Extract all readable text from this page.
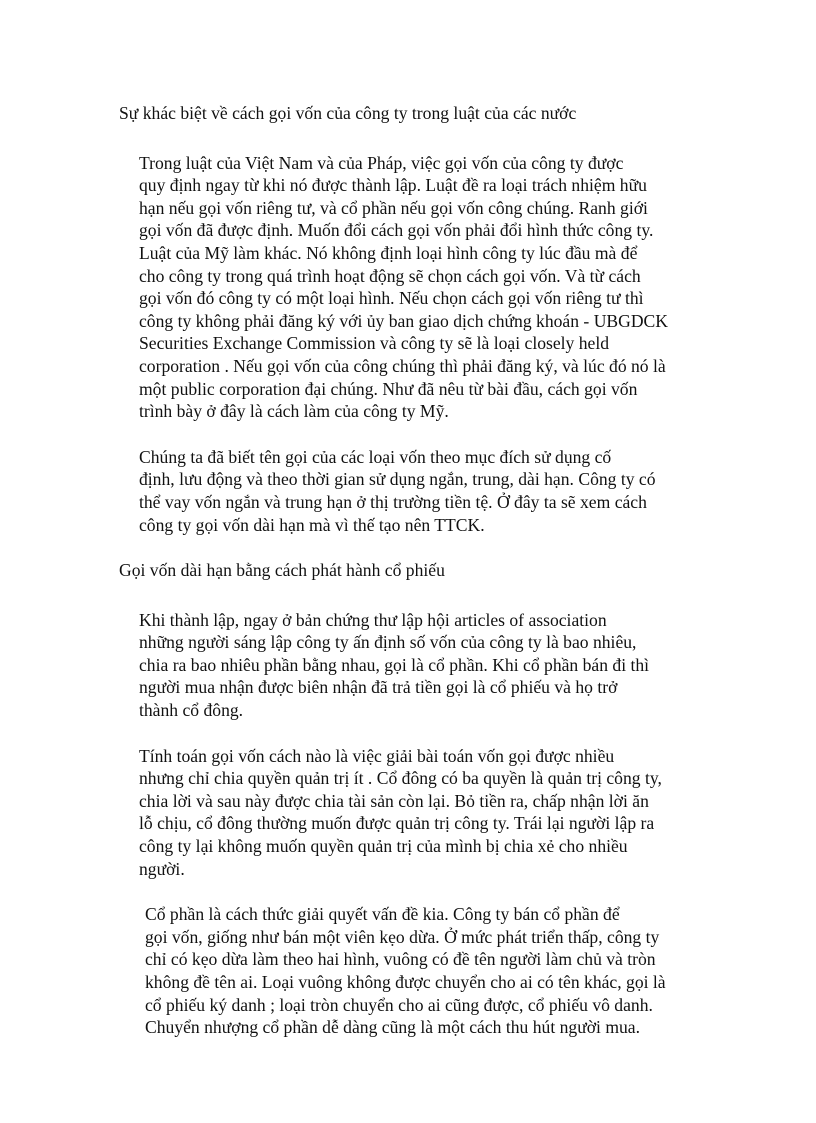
Sự khác biệt về cách gọi vốn của công ty trong luật của các nước
Trong luật của Việt Nam và của Pháp, việc gọi vốn của công ty được
quy định ngay từ khi nó được thành lập. Luật đề ra loại trách nhiệm hữu
hạn nếu gọi vốn riêng tư, và cổ phần nếu gọi vốn công chúng. Ranh giới
gọi vốn đã được định. Muốn đổi cách gọi vốn phải đổi hình thức công ty.
Luật của Mỹ làm khác. Nó không định loại hình công ty lúc đầu mà để
cho công ty trong quá trình hoạt động sẽ chọn cách gọi vốn. Và từ cách
gọi vốn đó công ty có một loại hình. Nếu chọn cách gọi vốn riêng tư thì
công ty không phải đăng ký với ủy ban giao dịch chứng khoán - UBGDCK
Securities Exchange Commission và công ty sẽ là loại closely held
corporation . Nếu gọi vốn của công chúng thì phải đăng ký, và lúc đó nó là
một public corporation đại chúng. Như đã nêu từ bài đầu, cách gọi vốn
trình bày ở đây là cách làm của công ty Mỹ.
Chúng ta đã biết tên gọi của các loại vốn theo mục đích sử dụng cố
định, lưu động và theo thời gian sử dụng ngắn, trung, dài hạn. Công ty có
thể vay vốn ngắn và trung hạn ở thị trường tiền tệ. Ở đây ta sẽ xem cách
công ty gọi vốn dài hạn mà vì thế tạo nên TTCK.
Gọi vốn dài hạn bằng cách phát hành cổ phiếu
Khi thành lập, ngay ở bản chứng thư lập hội articles of association
những người sáng lập công ty ấn định số vốn của công ty là bao nhiêu,
chia ra bao nhiêu phần bằng nhau, gọi là cổ phần. Khi cổ phần bán đi thì
người mua nhận được biên nhận đã trả tiền gọi là cổ phiếu và họ trở
thành cổ đông.
Tính toán gọi vốn cách nào là việc giải bài toán vốn gọi được nhiều
nhưng chỉ chia quyền quản trị ít . Cổ đông có ba quyền là quản trị công ty,
chia lời và sau này được chia tài sản còn lại. Bỏ tiền ra, chấp nhận lời ăn
lỗ chịu, cổ đông thường muốn được quản trị công ty. Trái lại người lập ra
công ty lại không muốn quyền quản trị của mình bị chia xẻ cho nhiều
người.
Cổ phần là cách thức giải quyết vấn đề kia. Công ty bán cổ phần để
gọi vốn, giống như bán một viên kẹo dừa. Ở mức phát triển thấp, công ty
chỉ có kẹo dừa làm theo hai hình, vuông có đề tên người làm chủ và tròn
không đề tên ai. Loại vuông không được chuyển cho ai có tên khác, gọi là
cổ phiếu ký danh ; loại tròn chuyển cho ai cũng được, cổ phiếu vô danh.
Chuyển nhượng cổ phần dễ dàng cũng là một cách thu hút người mua.
